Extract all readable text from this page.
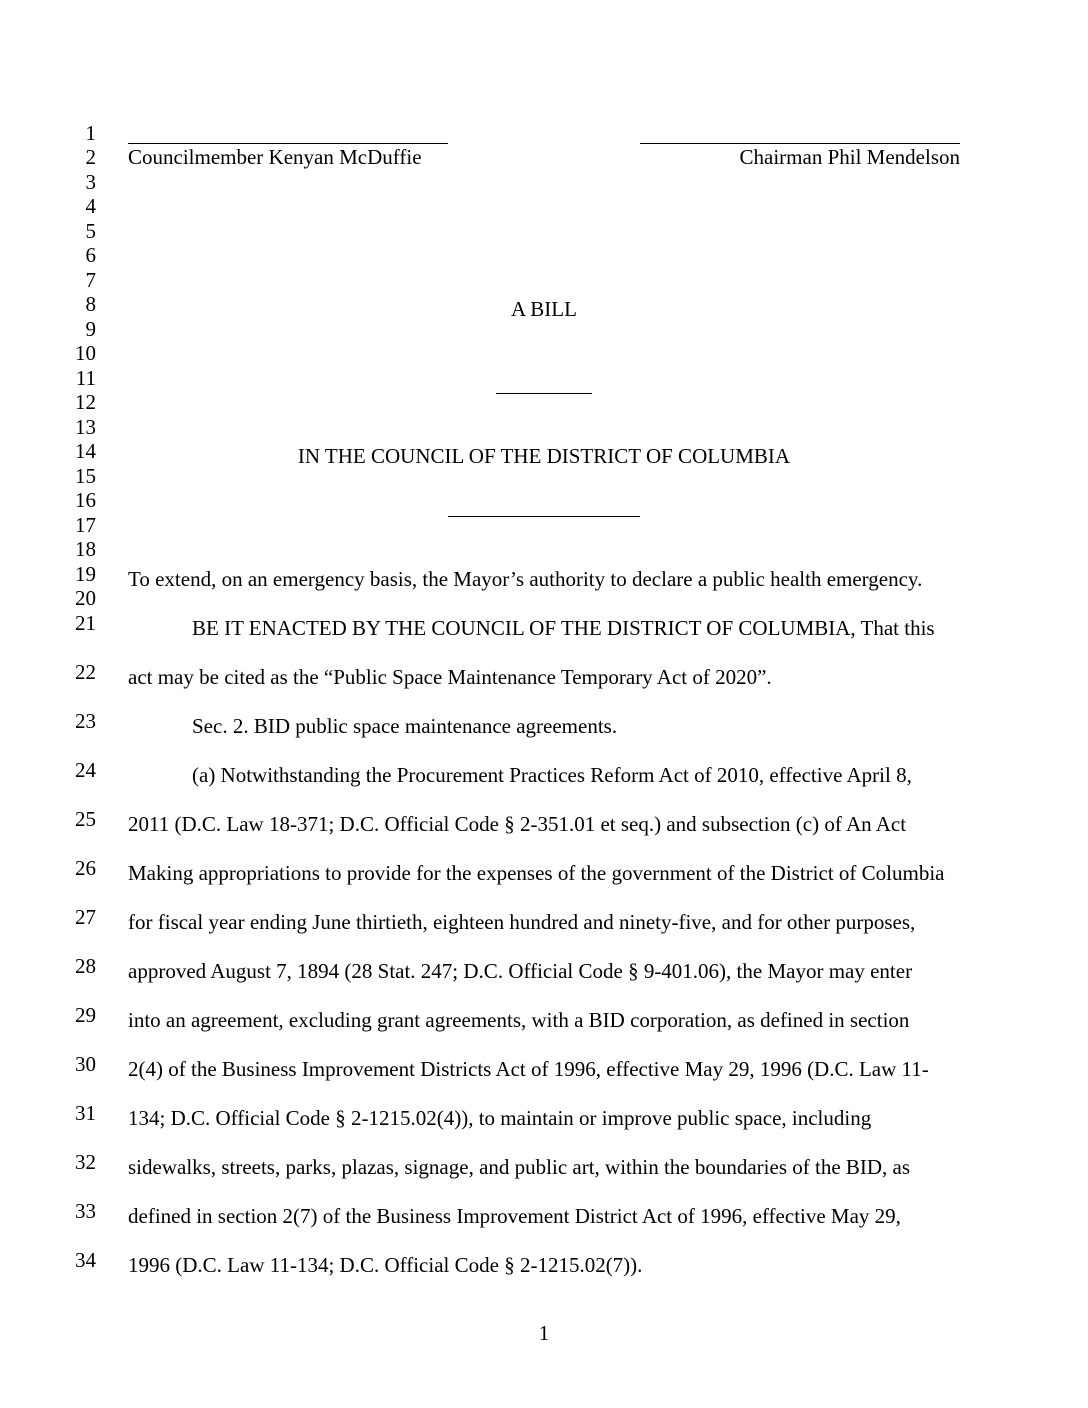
1
2
3
4
5
6
7
8
9
10
11
12
13
14
15
16
17
18
19
20
21
22
23
24
25
26
27
28
29
30
31
32
33
34
Councilmember Kenyan McDuffie	Chairman Phil Mendelson
A BILL
IN THE COUNCIL OF THE DISTRICT OF COLUMBIA
To extend, on an emergency basis, the Mayor’s authority to declare a public health emergency.
BE IT ENACTED BY THE COUNCIL OF THE DISTRICT OF COLUMBIA, That this
act may be cited as the “Public Space Maintenance Temporary Act of 2020”.
Sec. 2. BID public space maintenance agreements.
(a) Notwithstanding the Procurement Practices Reform Act of 2010, effective April 8,
2011 (D.C. Law 18-371; D.C. Official Code § 2-351.01 et seq.) and subsection (c) of An Act
Making appropriations to provide for the expenses of the government of the District of Columbia
for fiscal year ending June thirtieth, eighteen hundred and ninety-five, and for other purposes,
approved August 7, 1894 (28 Stat. 247; D.C. Official Code § 9-401.06), the Mayor may enter
into an agreement, excluding grant agreements, with a BID corporation, as defined in section
2(4) of the Business Improvement Districts Act of 1996, effective May 29, 1996 (D.C. Law 11-
134; D.C. Official Code § 2-1215.02(4)), to maintain or improve public space, including
sidewalks, streets, parks, plazas, signage, and public art, within the boundaries of the BID, as
defined in section 2(7) of the Business Improvement District Act of 1996, effective May 29,
1996 (D.C. Law 11-134; D.C. Official Code § 2-1215.02(7)).
1
